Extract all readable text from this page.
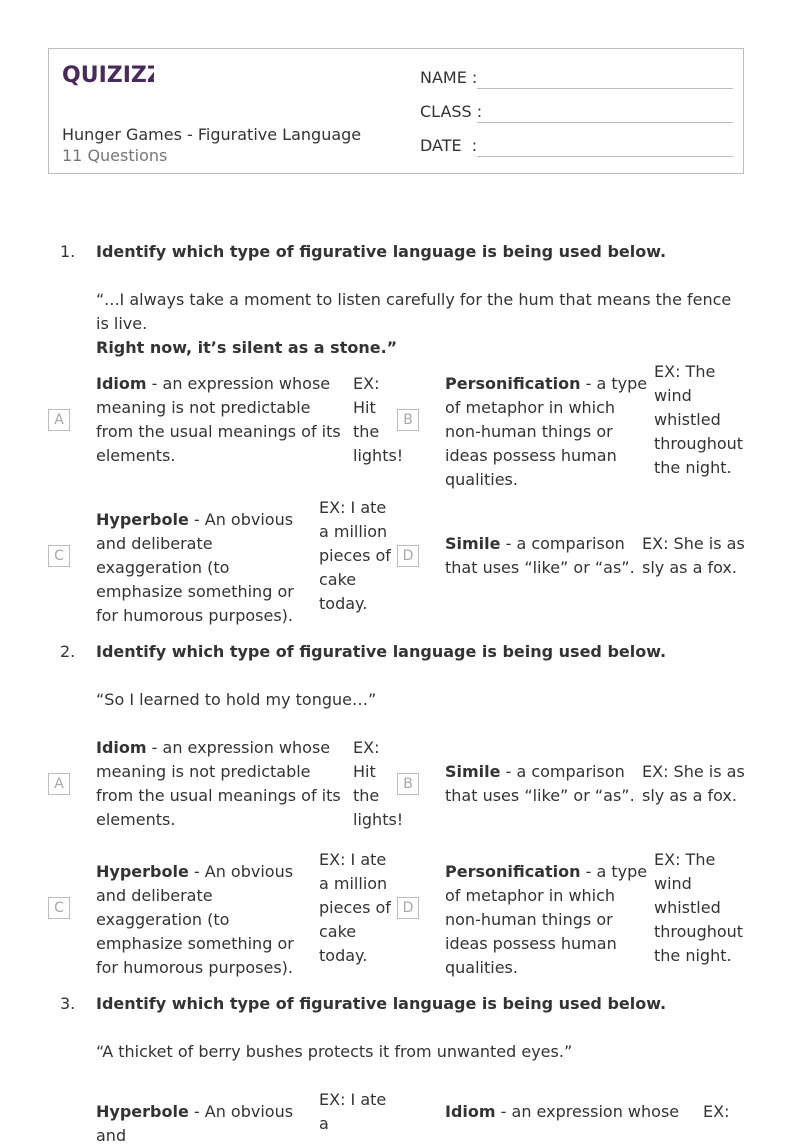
QUIZIZZ
Hunger Games - Figurative Language
11 Questions
NAME :
CLASS :
DATE  :
1. Identify which type of figurative language is being used below.
“...I always take a moment to listen carefully for the hum that means the fence is live.
Right now, it’s silent as a stone.”
A
Idiom - an expression whose meaning is not predictable from the usual meanings of its elements.
EX: Hit the lights!
B
Personification - a type of metaphor in which non-human things or ideas possess human qualities.
EX: The wind whistled throughout the night.
C
Hyperbole - An obvious and deliberate exaggeration (to emphasize something or for humorous purposes).
EX: I ate a million pieces of cake today.
D
Simile - a comparison that uses “like” or “as”.
EX: She is as sly as a fox.
2. Identify which type of figurative language is being used below.
“So I learned to hold my tongue…”
A
Idiom - an expression whose meaning is not predictable from the usual meanings of its elements.
EX: Hit the lights!
B
Simile - a comparison that uses “like” or “as”.
EX: She is as sly as a fox.
C
Hyperbole - An obvious and deliberate exaggeration (to emphasize something or for humorous purposes).
EX: I ate a million pieces of cake today.
D
Personification - a type of metaphor in which non-human things or ideas possess human qualities.
EX: The wind whistled throughout the night.
3. Identify which type of figurative language is being used below.
“A thicket of berry bushes protects it from unwanted eyes.”
Hyperbole - An obvious and
EX: I ate a
Idiom - an expression whose	EX:
